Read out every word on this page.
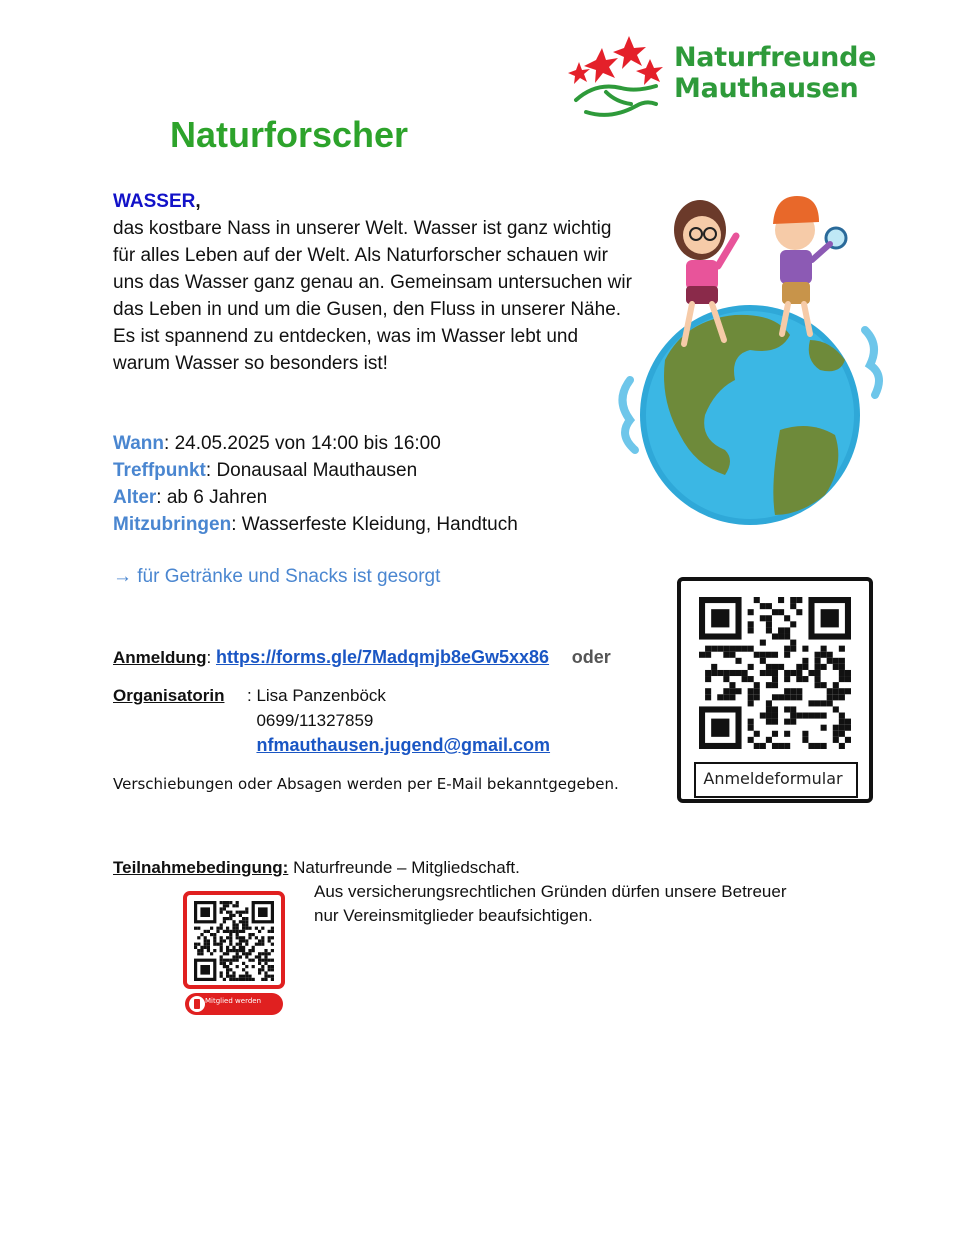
Naturfreunde
Mauthausen
Naturforscher
WASSER,
das kostbare Nass in unserer Welt. Wasser ist ganz wichtig für alles Leben auf der Welt. Als Naturforscher schauen wir uns das Wasser ganz genau an. Gemeinsam untersuchen wir das Leben in und um die Gusen, den Fluss in unserer Nähe. Es ist spannend zu entdecken, was im Wasser lebt und warum Wasser so besonders ist!
Wann: 24.05.2025 von 14:00 bis 16:00
Treffpunkt: Donausaal Mauthausen
Alter: ab 6 Jahren
Mitzubringen: Wasserfeste Kleidung, Handtuch
→ für Getränke und Snacks ist gesorgt
Anmeldung: https://forms.gle/7Madqmjb8eGw5xx86 oder
Organisatorin : Lisa Panzenböck
0699/11327859
nfmauthausen.jugend@gmail.com
Verschiebungen oder Absagen werden per E-Mail bekanntgegeben.	Anmeldeformular
Teilnahmebedingung: Naturfreunde – Mitgliedschaft.
Aus versicherungsrechtlichen Gründen dürfen unsere Betreuer nur Vereinsmitglieder beaufsichtigen.
Mitglied werden
